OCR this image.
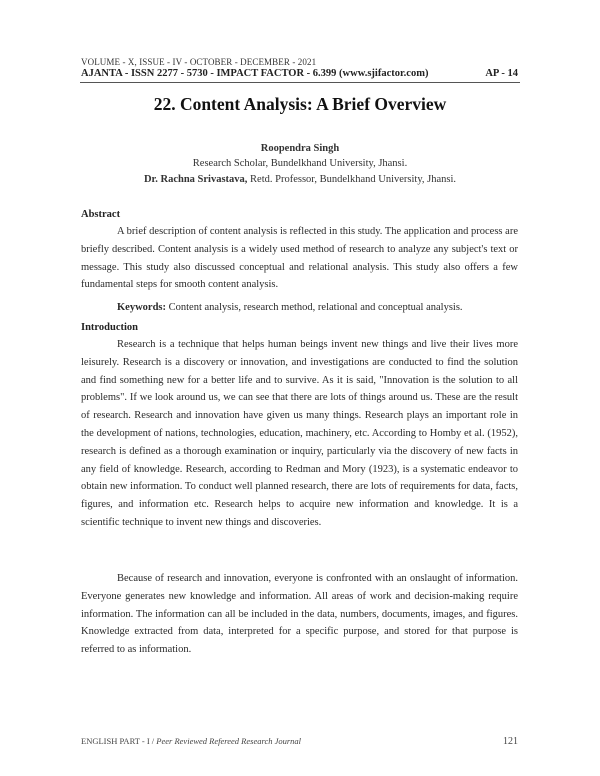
VOLUME - X, ISSUE - IV - OCTOBER - DECEMBER - 2021
AJANTA - ISSN 2277 - 5730 - IMPACT FACTOR - 6.399 (www.sjifactor.com)	AP - 14
22. Content Analysis: A Brief Overview
Roopendra Singh
Research Scholar, Bundelkhand University, Jhansi.
Dr. Rachna Srivastava, Retd. Professor, Bundelkhand University, Jhansi.
Abstract
A brief description of content analysis is reflected in this study. The application and process are briefly described. Content analysis is a widely used method of research to analyze any subject's text or message. This study also discussed conceptual and relational analysis. This study also offers a few fundamental steps for smooth content analysis.
Keywords: Content analysis, research method, relational and conceptual analysis.
Introduction
Research is a technique that helps human beings invent new things and live their lives more leisurely. Research is a discovery or innovation, and investigations are conducted to find the solution and find something new for a better life and to survive. As it is said, "Innovation is the solution to all problems". If we look around us, we can see that there are lots of things around us. These are the result of research. Research and innovation have given us many things. Research plays an important role in the development of nations, technologies, education, machinery, etc. According to Homby et al. (1952), research is defined as a thorough examination or inquiry, particularly via the discovery of new facts in any field of knowledge. Research, according to Redman and Mory (1923), is a systematic endeavor to obtain new information. To conduct well planned research, there are lots of requirements for data, facts, figures, and information etc. Research helps to acquire new information and knowledge. It is a scientific technique to invent new things and discoveries.
Because of research and innovation, everyone is confronted with an onslaught of information. Everyone generates new knowledge and information. All areas of work and decision-making require information. The information can all be included in the data, numbers, documents, images, and figures. Knowledge extracted from data, interpreted for a specific purpose, and stored for that purpose is referred to as information.
ENGLISH PART - I / Peer Reviewed Refereed Research Journal	121
